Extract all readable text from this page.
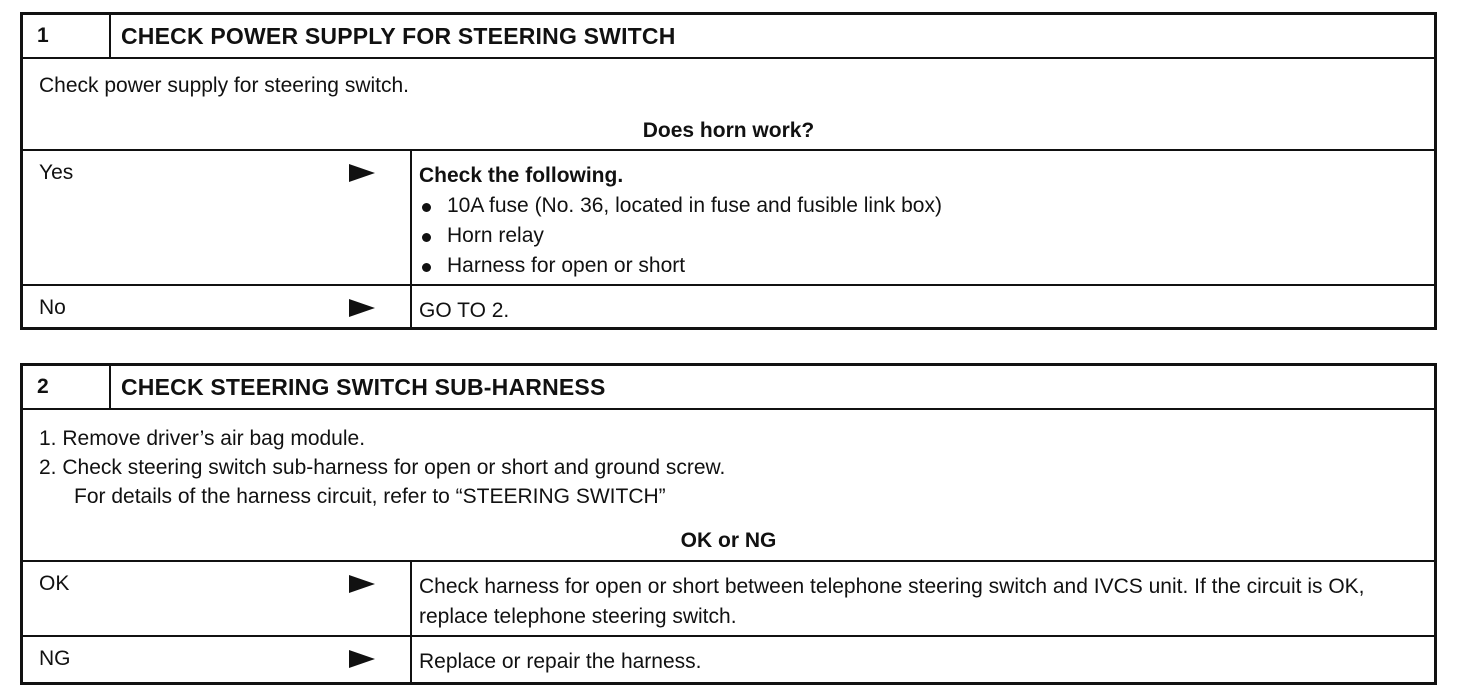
1	CHECK POWER SUPPLY FOR STEERING SWITCH
Check power supply for steering switch.
Does horn work?
Yes	Check the following.
10A fuse (No. 36, located in fuse and fusible link box)
Horn relay
Harness for open or short
No	GO TO 2.
2	CHECK STEERING SWITCH SUB-HARNESS
1. Remove driver’s air bag module.
2. Check steering switch sub-harness for open or short and ground screw.
For details of the harness circuit, refer to “STEERING SWITCH”
OK or NG
OK	Check harness for open or short between telephone steering switch and IVCS unit. If the circuit is OK, replace telephone steering switch.
NG	Replace or repair the harness.
